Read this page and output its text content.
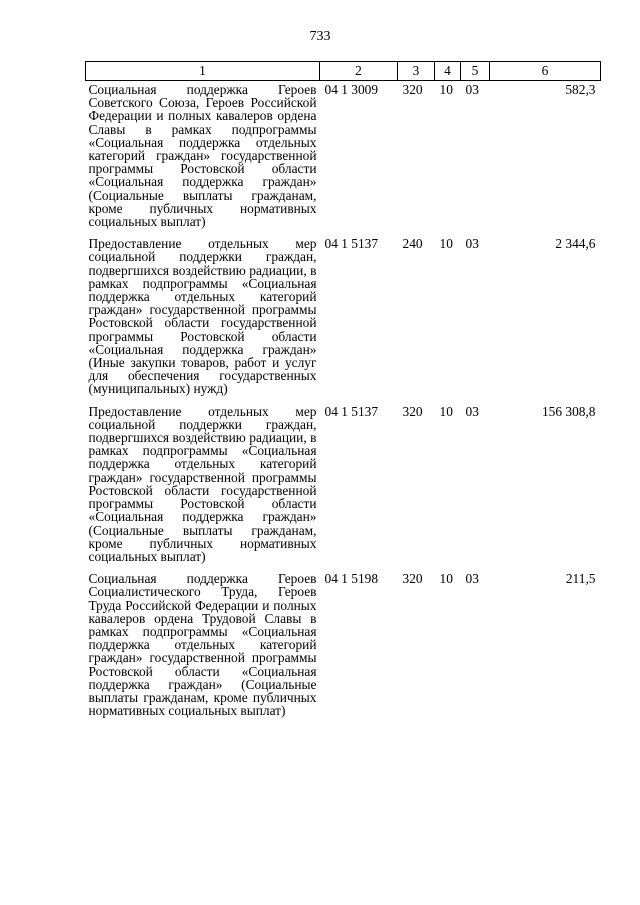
733
1	2	3	4	5	6
Социальная поддержка Героев Советского Союза, Героев Российской Федерации и полных кавалеров ордена Славы в рамках подпрограммы «Социальная поддержка отдельных категорий граждан» государственной программы Ростовской области «Социальная поддержка граждан» (Социальные выплаты гражданам, кроме публичных нормативных социальных выплат)	04 1 3009	320	10	03	582,3
Предоставление отдельных мер социальной поддержки граждан, подвергшихся воздействию радиации, в рамках подпрограммы «Социальная поддержка отдельных категорий граждан» государственной программы Ростовской области государственной программы Ростовской области «Социальная поддержка граждан» (Иные закупки товаров, работ и услуг для обеспечения государственных (муниципальных) нужд)	04 1 5137	240	10	03	2 344,6
Предоставление отдельных мер социальной поддержки граждан, подвергшихся воздействию радиации, в рамках подпрограммы «Социальная поддержка отдельных категорий граждан» государственной программы Ростовской области государственной программы Ростовской области «Социальная поддержка граждан» (Социальные выплаты гражданам, кроме публичных нормативных социальных выплат)	04 1 5137	320	10	03	156 308,8
Социальная поддержка Героев Социалистического Труда, Героев Труда Российской Федерации и полных кавалеров ордена Трудовой Славы в рамках подпрограммы «Социальная поддержка отдельных категорий граждан» государственной программы Ростовской области «Социальная поддержка граждан» (Социальные выплаты гражданам, кроме публичных нормативных социальных выплат)	04 1 5198	320	10	03	211,5
